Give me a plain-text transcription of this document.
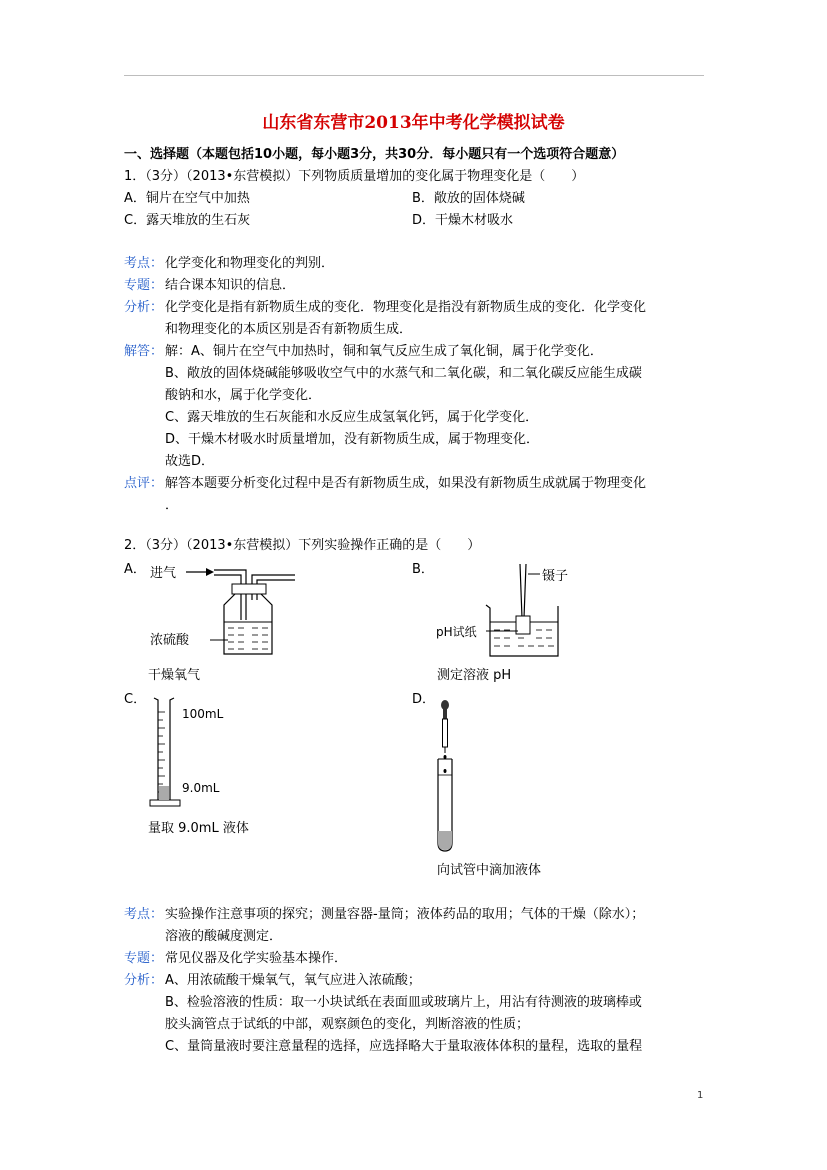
山东省东营市2013年中考化学模拟试卷
一、选择题（本题包括10小题，每小题3分，共30分．每小题只有一个选项符合题意）
1．（3分）（2013•东营模拟）下列物质质量增加的变化属于物理变化是（　　）
A．铜片在空气中加热	B．敞放的固体烧碱
C．露天堆放的生石灰	D．干燥木材吸水
考点： 化学变化和物理变化的判别．
专题： 结合课本知识的信息．
分析： 化学变化是指有新物质生成的变化．物理变化是指没有新物质生成的变化．化学变化
和物理变化的本质区别是否有新物质生成．
解答： 解：A、铜片在空气中加热时，铜和氧气反应生成了氧化铜，属于化学变化．
B、敞放的固体烧碱能够吸收空气中的水蒸气和二氧化碳，和二氧化碳反应能生成碳
酸钠和水，属于化学变化．
C、露天堆放的生石灰能和水反应生成氢氧化钙，属于化学变化．
D、干燥木材吸水时质量增加，没有新物质生成，属于物理变化．
故选D．
点评： 解答本题要分析变化过程中是否有新物质生成，如果没有新物质生成就属于物理变化
．
2．（3分）（2013•东营模拟）下列实验操作正确的是（　　）
A． 进气
浓硫酸
干燥氧气
B．	镊子
pH试纸
测定溶液 pH
C．
100mL
9.0mL
量取 9.0mL 液体
D．
向试管中滴加液体
考点： 实验操作注意事项的探究；测量容器-量筒；液体药品的取用；气体的干燥（除水）；
溶液的酸碱度测定．
专题： 常见仪器及化学实验基本操作．
分析： A、用浓硫酸干燥氧气，氧气应进入浓硫酸；
B、检验溶液的性质：取一小块试纸在表面皿或玻璃片上，用沾有待测液的玻璃棒或
胶头滴管点于试纸的中部，观察颜色的变化，判断溶液的性质；
C、量筒量液时要注意量程的选择，应选择略大于量取液体体积的量程，选取的量程
1
